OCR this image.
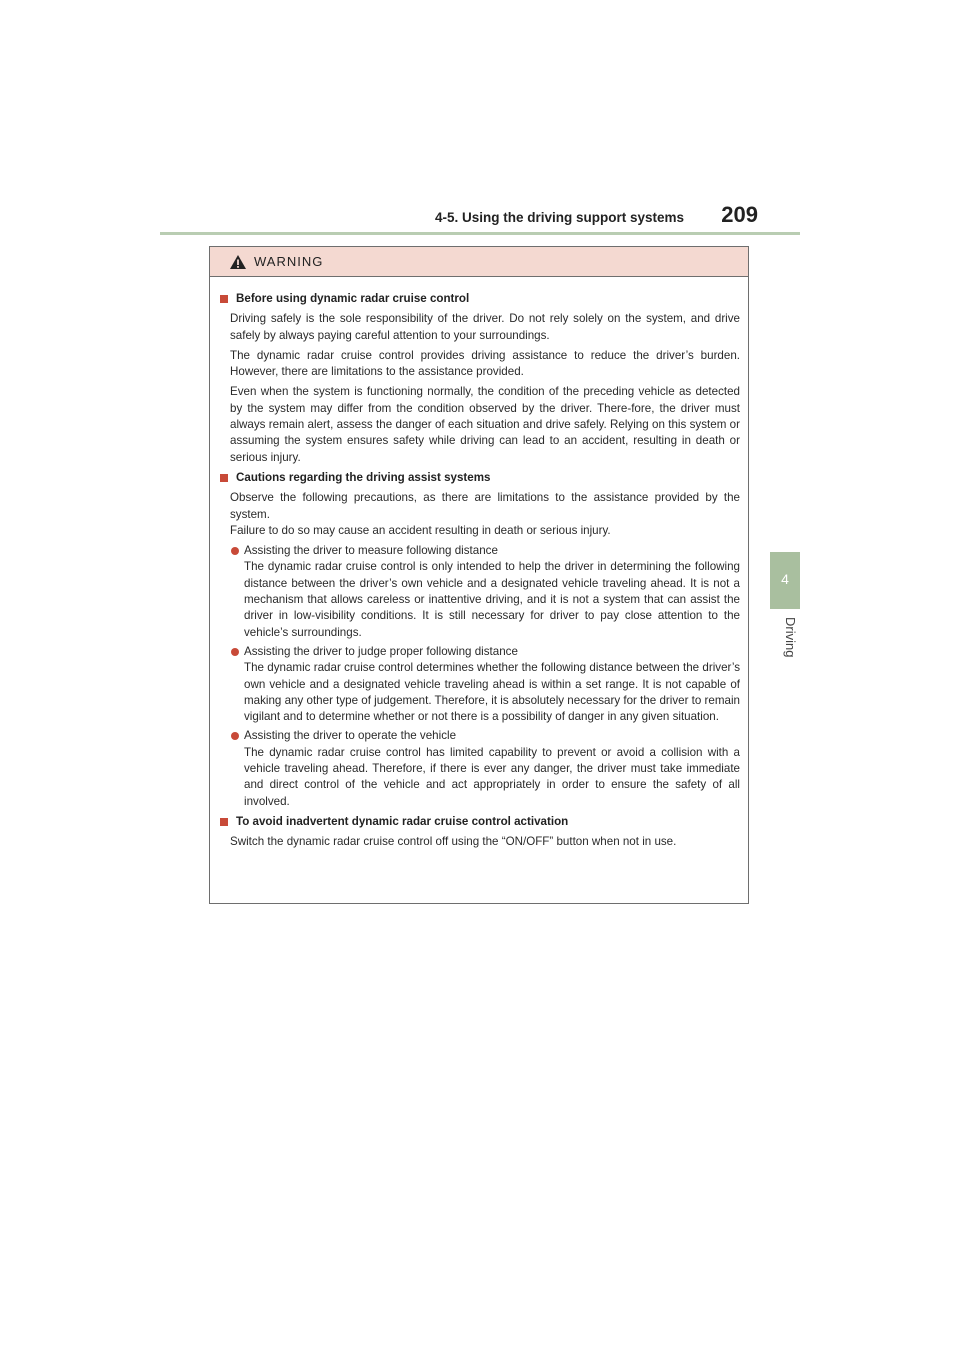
4-5. Using the driving support systems 209
4
Driving
WARNING
Before using dynamic radar cruise control
Driving safely is the sole responsibility of the driver. Do not rely solely on the system, and drive safely by always paying careful attention to your surroundings.
The dynamic radar cruise control provides driving assistance to reduce the driver’s burden. However, there are limitations to the assistance provided.
Even when the system is functioning normally, the condition of the preceding vehicle as detected by the system may differ from the condition observed by the driver. There-fore, the driver must always remain alert, assess the danger of each situation and drive safely. Relying on this system or assuming the system ensures safety while driving can lead to an accident, resulting in death or serious injury.
Cautions regarding the driving assist systems
Observe the following precautions, as there are limitations to the assistance provided by the system.
Failure to do so may cause an accident resulting in death or serious injury.
Assisting the driver to measure following distance
The dynamic radar cruise control is only intended to help the driver in determining the following distance between the driver’s own vehicle and a designated vehicle traveling ahead. It is not a mechanism that allows careless or inattentive driving, and it is not a system that can assist the driver in low-visibility conditions. It is still necessary for driver to pay close attention to the vehicle’s surroundings.
Assisting the driver to judge proper following distance
The dynamic radar cruise control determines whether the following distance between the driver’s own vehicle and a designated vehicle traveling ahead is within a set range. It is not capable of making any other type of judgement. Therefore, it is absolutely necessary for the driver to remain vigilant and to determine whether or not there is a possibility of danger in any given situation.
Assisting the driver to operate the vehicle
The dynamic radar cruise control has limited capability to prevent or avoid a collision with a vehicle traveling ahead. Therefore, if there is ever any danger, the driver must take immediate and direct control of the vehicle and act appropriately in order to ensure the safety of all involved.
To avoid inadvertent dynamic radar cruise control activation
Switch the dynamic radar cruise control off using the “ON/OFF” button when not in use.
